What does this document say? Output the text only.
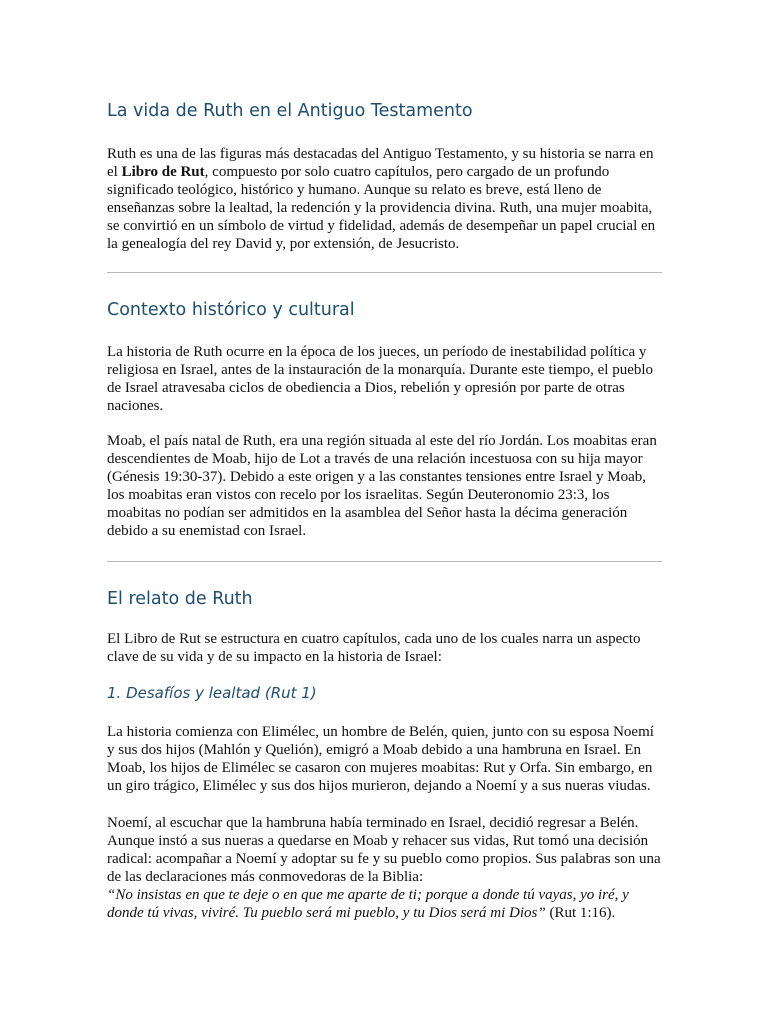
La vida de Ruth en el Antiguo Testamento

Ruth es una de las figuras más destacadas del Antiguo Testamento, y su historia se narra en el Libro de Rut, compuesto por solo cuatro capítulos, pero cargado de un profundo significado teológico, histórico y humano. Aunque su relato es breve, está lleno de enseñanzas sobre la lealtad, la redención y la providencia divina. Ruth, una mujer moabita, se convirtió en un símbolo de virtud y fidelidad, además de desempeñar un papel crucial en la genealogía del rey David y, por extensión, de Jesucristo.

Contexto histórico y cultural

La historia de Ruth ocurre en la época de los jueces, un período de inestabilidad política y religiosa en Israel, antes de la instauración de la monarquía. Durante este tiempo, el pueblo de Israel atravesaba ciclos de obediencia a Dios, rebelión y opresión por parte de otras naciones.

Moab, el país natal de Ruth, era una región situada al este del río Jordán. Los moabitas eran descendientes de Moab, hijo de Lot a través de una relación incestuosa con su hija mayor (Génesis 19:30-37). Debido a este origen y a las constantes tensiones entre Israel y Moab, los moabitas eran vistos con recelo por los israelitas. Según Deuteronomio 23:3, los moabitas no podían ser admitidos en la asamblea del Señor hasta la décima generación debido a su enemistad con Israel.

El relato de Ruth

El Libro de Rut se estructura en cuatro capítulos, cada uno de los cuales narra un aspecto clave de su vida y de su impacto en la historia de Israel:

1. Desafíos y lealtad (Rut 1)

La historia comienza con Elimélec, un hombre de Belén, quien, junto con su esposa Noemí y sus dos hijos (Mahlón y Quelión), emigró a Moab debido a una hambruna en Israel. En Moab, los hijos de Elimélec se casaron con mujeres moabitas: Rut y Orfa. Sin embargo, en un giro trágico, Elimélec y sus dos hijos murieron, dejando a Noemí y a sus nueras viudas.

Noemí, al escuchar que la hambruna había terminado en Israel, decidió regresar a Belén. Aunque instó a sus nueras a quedarse en Moab y rehacer sus vidas, Rut tomó una decisión radical: acompañar a Noemí y adoptar su fe y su pueblo como propios. Sus palabras son una de las declaraciones más conmovedoras de la Biblia:
“No insistas en que te deje o en que me aparte de ti; porque a donde tú vayas, yo iré, y donde tú vivas, viviré. Tu pueblo será mi pueblo, y tu Dios será mi Dios” (Rut 1:16).
